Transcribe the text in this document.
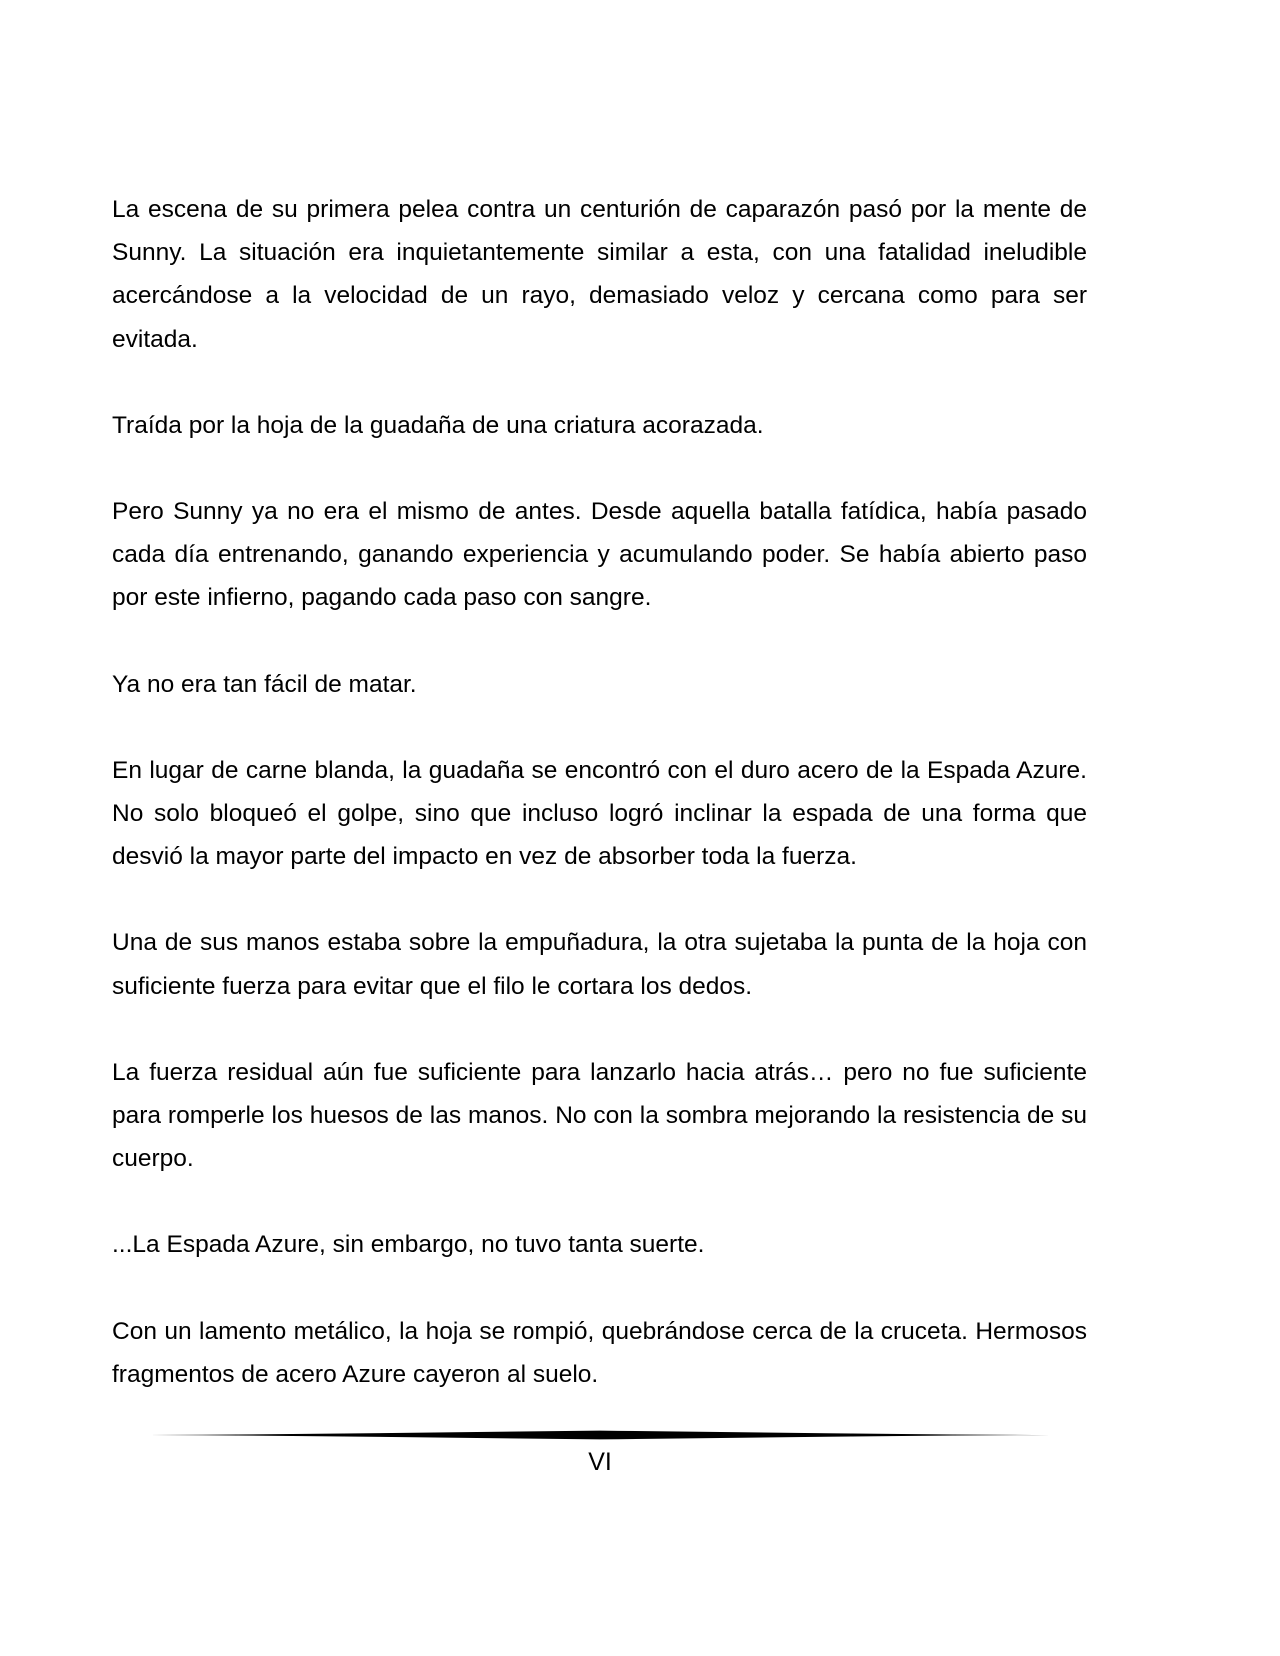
La escena de su primera pelea contra un centurión de caparazón pasó por la mente de Sunny. La situación era inquietantemente similar a esta, con una fatalidad ineludible acercándose a la velocidad de un rayo, demasiado veloz y cercana como para ser evitada.

Traída por la hoja de la guadaña de una criatura acorazada.

Pero Sunny ya no era el mismo de antes. Desde aquella batalla fatídica, había pasado cada día entrenando, ganando experiencia y acumulando poder. Se había abierto paso por este infierno, pagando cada paso con sangre.

Ya no era tan fácil de matar.

En lugar de carne blanda, la guadaña se encontró con el duro acero de la Espada Azure. No solo bloqueó el golpe, sino que incluso logró inclinar la espada de una forma que desvió la mayor parte del impacto en vez de absorber toda la fuerza.

Una de sus manos estaba sobre la empuñadura, la otra sujetaba la punta de la hoja con suficiente fuerza para evitar que el filo le cortara los dedos.

La fuerza residual aún fue suficiente para lanzarlo hacia atrás… pero no fue suficiente para romperle los huesos de las manos. No con la sombra mejorando la resistencia de su cuerpo.

...La Espada Azure, sin embargo, no tuvo tanta suerte.

Con un lamento metálico, la hoja se rompió, quebrándose cerca de la cruceta. Hermosos fragmentos de acero Azure cayeron al suelo.

VI
